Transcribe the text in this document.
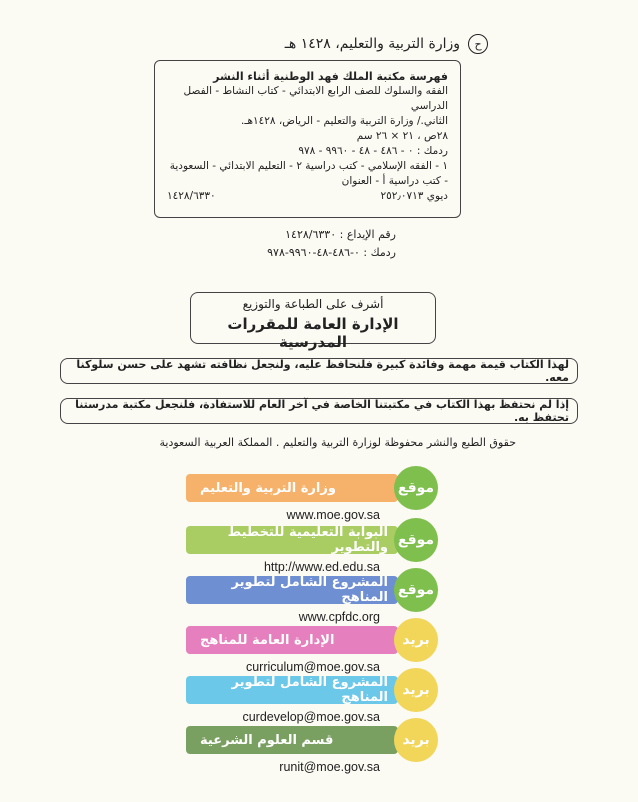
ح
وزارة التربية والتعليم، ١٤٢٨ هـ
فهرسة مكتبة الملك فهد الوطنية أثناء النشر
الفقه والسلوك للصف الرابع الابتدائي - كتاب النشاط - الفصل الدراسي
الثاني./ وزارة التربية والتعليم - الرياض، ١٤٢٨هـ.
٢٨ص ، ٢١ × ٢٦ سم
ردمك : ٠ - ٤٨٦ - ٤٨ - ٩٩٦٠ - ٩٧٨
١ - الفقه الإسلامي - كتب دراسية ٢ - التعليم الابتدائي - السعودية
- كتب دراسية أ - العنوان
ديوي ٢٥٢٫٠٧١٣
١٤٢٨/٦٣٣٠
رقم الإيداع : ١٤٢٨/٦٣٣٠
ردمك : ٠-٤٨٦-٤٨-٩٩٦٠-٩٧٨
أشرف على الطباعة والتوزيع
الإدارة العامة للمقررات المدرسية
لهذا الكتاب قيمة مهمة وفائدة كبيرة فلنحافظ عليه، ولنجعل نظافته تشهد على حسن سلوكنا معه.
إذا لم نحتفظ بهذا الكتاب في مكتبتنا الخاصة في آخر العام للاستفادة، فلنجعل مكتبة مدرستنا تحتفظ به.
حقوق الطبع والنشر محفوظة لوزارة التربية والتعليم . المملكة العربية السعودية
وزارة التربية والتعليم	موقع
www.moe.gov.sa
البوابة التعليمية للتخطيط والتطوير موقع
http://www.ed.edu.sa
المشروع الشامل لتطوير المناهج موقع
www.cpfdc.org
الإدارة العامة للمناهج	بريد
curriculum@moe.gov.sa
المشروع الشامل لتطوير المناهج	بريد
curdevelop@moe.gov.sa
قسم العلوم الشرعية	بريد
runit@moe.gov.sa
